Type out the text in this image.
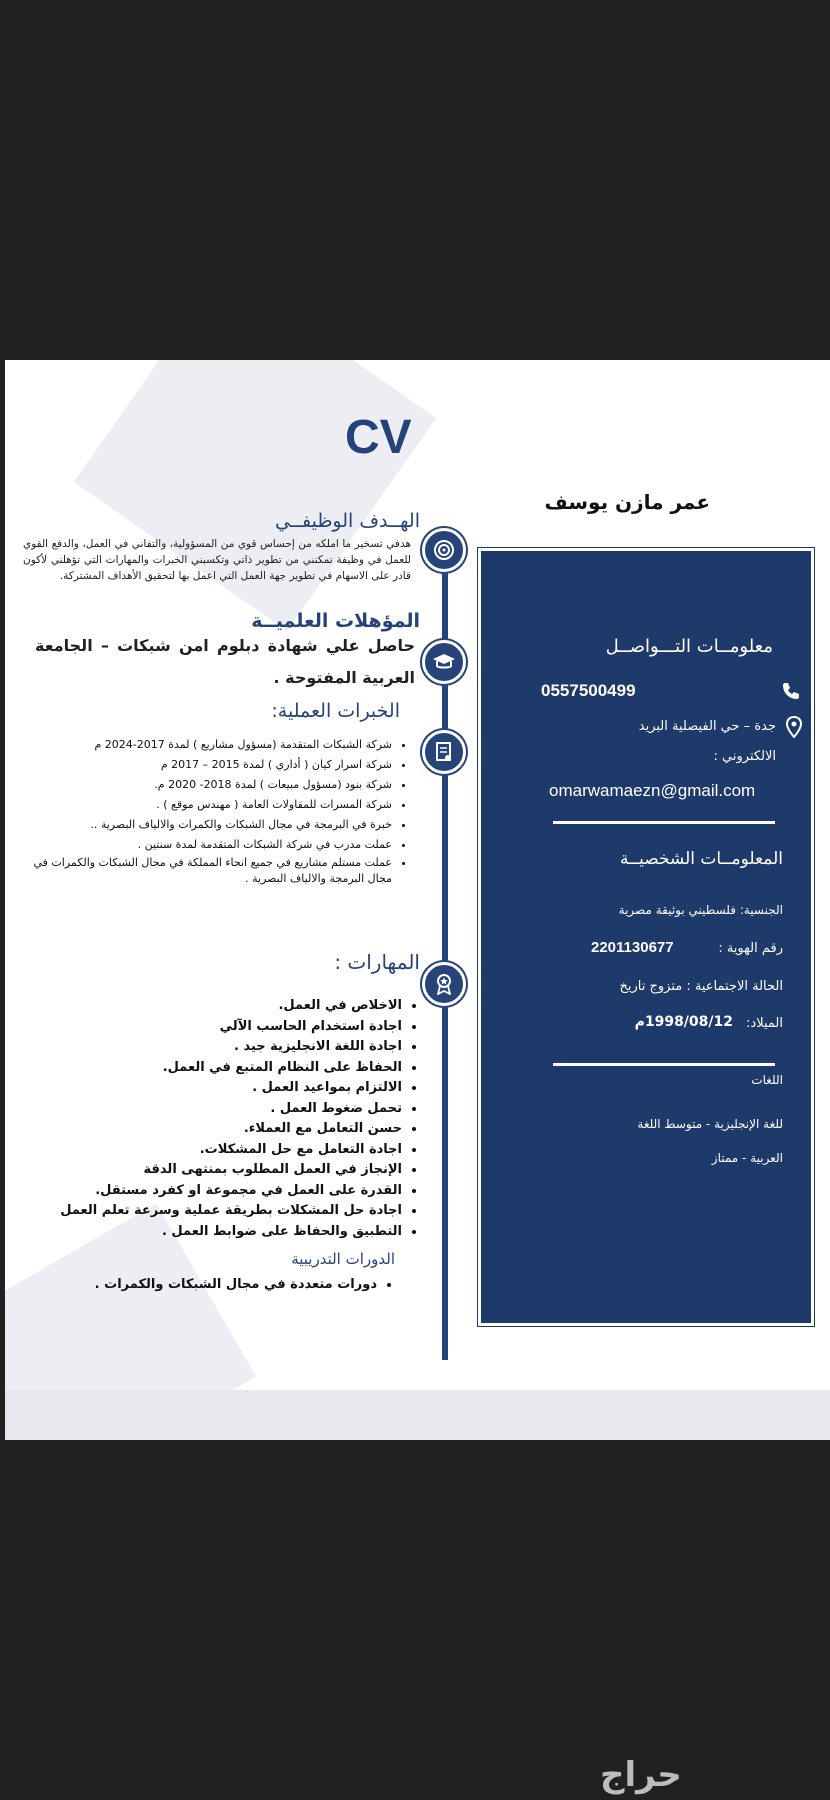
CV
عمر مازن يوسف
الهــدف الوظيفــي
هدفي تسخير ما املكه من إحساس قوي من المسؤولية، والتفاني في العمل، والدفع القوي للعمل في وظيفة تمكنني من تطوير ذاتي وتكسبني الخبرات والمهارات التي تؤهلني لأكون قادر على الاسهام في تطوير جهة العمل التي اعمل بها لتحقيق الأهداف المشتركة.
المؤهلات العلميــة
حاصل علي شهادة دبلوم امن شبكات – الجامعة العربية المفتوحة .
الخبرات العملية:
• شركة الشبكات المتقدمة (مسؤول مشاريع ) لمدة 2017-2024 م
• شركة اسرار كيان ( أداري ) لمدة 2015 – 2017 م
• شركة بنود (مسؤول مبيعات ) لمدة 2018- 2020 م.
• شركة المسرات للمقاولات العامة ( مهندس موقع ) .
• خبرة في البرمجة في مجال الشبكات والكمرات والالياف البصرية ..
• عملت مدرب في شركة الشبكات المتقدمة لمدة سنتين .
• عملت مستلم مشاريع في جميع انحاء المملكة في مجال الشبكات والكمرات في مجال البرمجة والالياف البصرية .
المهارات :
• الاخلاص في العمل.
• اجادة استخدام الحاسب الآلي
• اجادة اللغة الانجليزية جيد .
• الحفاظ على النظام المتبع في العمل.
• الالتزام بمواعيد العمل .
• تحمل ضغوط العمل .
• حسن التعامل مع العملاء.
• اجادة التعامل مع حل المشكلات.
• الإنجاز في العمل المطلوب بمنتهى الدقة
• القدرة على العمل في مجموعة او كفرد مستقل.
• اجادة حل المشكلات بطريقة عملية وسرعة تعلم العمل
• التطبيق والحفاظ على ضوابط العمل .
الدورات التدريبية
• دورات متعددة في مجال الشبكات والكمرات .
معلومــات التـــواصــل
0557500499
جدة – حي الفيصلية البريد
الالكتروني :
omarwamaezn@gmail.com
المعلومــات الشخصيــة
الجنسية: فلسطيني بوثيقة مصرية
رقم الهوية :
2201130677
الحالة الاجتماعية : متزوج تاريخ
الميلاد:
1998/08/12م
اللغات
للغة الإنجليزية - متوسط اللغة
العربية - ممتاز
حراج
